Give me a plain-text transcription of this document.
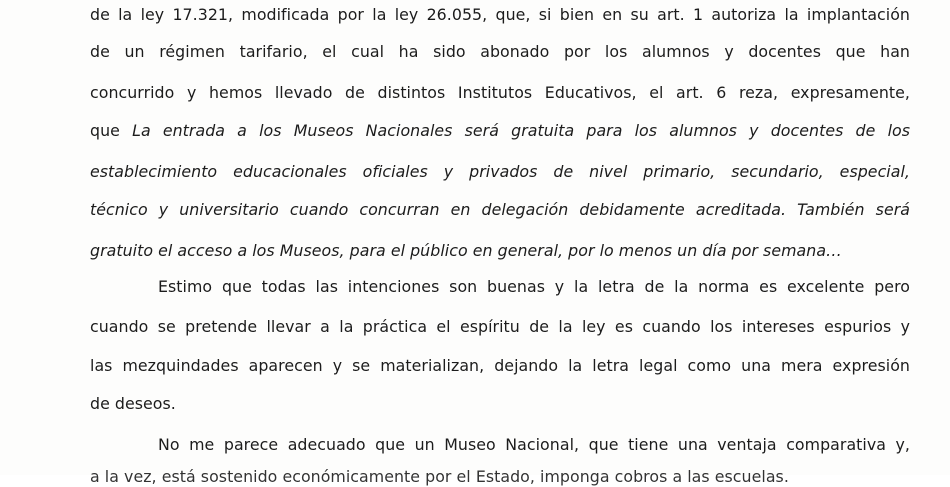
de la ley 17.321, modificada por la ley 26.055, que, si bien en su art. 1 autoriza la implantación
de un régimen tarifario, el cual ha sido abonado por los alumnos y docentes que han
concurrido y hemos llevado de distintos Institutos Educativos, el art. 6 reza, expresamente,
que La entrada a los Museos Nacionales será gratuita para los alumnos y docentes de los
establecimiento educacionales oficiales y privados de nivel primario, secundario, especial,
técnico y universitario cuando concurran en delegación debidamente acreditada. También será
gratuito el acceso a los Museos, para el público en general, por lo menos un día por semana…
Estimo que todas las intenciones son buenas y la letra de la norma es excelente pero
cuando se pretende llevar a la práctica el espíritu de la ley es cuando los intereses espurios y
las mezquindades aparecen y se materializan, dejando la letra legal como una mera expresión
de deseos.
No me parece adecuado que un Museo Nacional, que tiene una ventaja comparativa y,
a la vez, está sostenido económicamente por el Estado, imponga cobros a las escuelas.
